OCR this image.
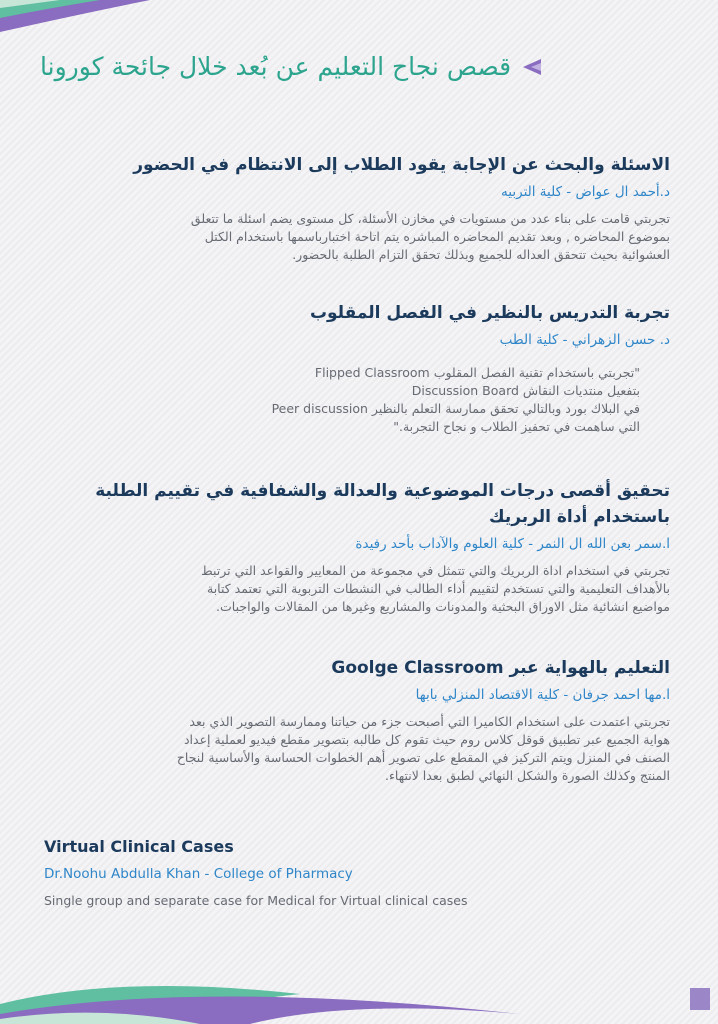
قصص نجاح التعليم عن بُعد خلال جائحة كورونا
الاسئلة والبحث عن الإجابة يقود الطلاب إلى الانتظام في الحضور
د.أحمد ال عواض - كلية التربيه
تجربتي قامت على بناء عدد من مستويات في مخازن الأسئلة، كل مستوى يضم اسئلة ما تتعلق
بموضوع المحاضره , وبعد تقديم المحاضره المباشره يتم اتاحة اختبارباسمها باستخدام الكتل
العشوائية بحيث تتحقق العداله للجميع وبذلك تحقق التزام الطلبة بالحضور.
تجربة التدريس بالنظير في الفصل المقلوب
د. حسن الزهراني - كلية الطب
"تجربتي باستخدام تقنية الفصل المقلوب Flipped Classroom
بتفعيل منتديات النقاش Discussion Board
في البلاك بورد وبالتالي تحقق ممارسة التعلم بالنظير Peer discussion
التي ساهمت في تحفيز الطلاب و نجاح التجربة."
تحقيق أقصى درجات الموضوعية والعدالة والشفافية في تقييم الطلبة باستخدام أداة الربريك
ا.سمر بعن الله ال النمر - كلية العلوم والآداب بأحد رفيدة
تجربتي في استخدام اداة الربريك والتي تتمثل في مجموعة من المعايير والقواعد التي ترتبط
بالأهداف التعليمية والتي تستخدم لتقييم أداء الطالب في النشطات التربوية التي تعتمد كتابة
مواضيع انشائية مثل الاوراق البحثية والمدونات والمشاريع وغيرها من المقالات والواجبات.
التعليم بالهواية عبر Goolge Classroom
ا.مها احمد جرفان - كلية الاقتصاد المنزلي بابها
تجربتي اعتمدت على استخدام الكاميرا التي أصبحت جزء من حياتنا وممارسة التصوير الذي بعد
هواية الجميع عبر تطبيق قوقل كلاس روم حيث تقوم كل طالبه بتصوير مقطع فيديو لعملية إعداد
الصنف في المنزل ويتم التركيز في المقطع على تصوير أهم الخطوات الحساسة والأساسية لنجاح
المنتج وكذلك الصورة والشكل النهائي لطبق بعدا لانتهاء.
Virtual Clinical Cases
Dr.Noohu Abdulla Khan - College of Pharmacy
Single group and separate case for Medical for Virtual clinical cases
